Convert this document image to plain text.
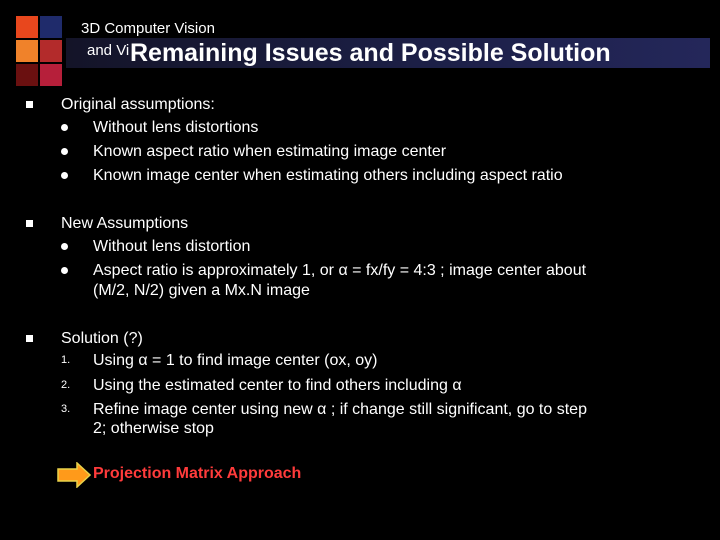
3D Computer Vision
and Vi Remaining Issues and Possible Solution
Original assumptions:
Without lens distortions
Known aspect ratio when estimating image center
Known image center when estimating others including aspect ratio
New Assumptions
Without lens distortion
Aspect ratio is approximately 1, or α = fx/fy = 4:3 ; image center about
(M/2, N/2) given a Mx.N image
Solution (?)
1. Using α = 1 to find image center (ox, oy)
2. Using the estimated center to find others including α
3. Refine image center using new α ; if change still significant, go to step
2; otherwise stop
Projection Matrix Approach
